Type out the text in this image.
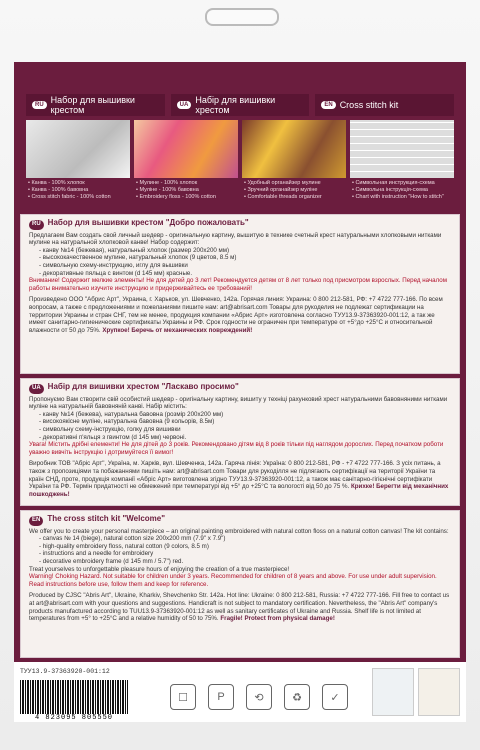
RU Набор для вышивки крестом	UA Набір для вишивки хрестом	EN Cross stitch kit
• Канва - 100% хлопок
• Канва - 100% бавовна
• Cross stitch fabric - 100% cotton
• Мулине - 100% хлопок
• Муліне - 100% бавовна
• Embroidery floss - 100% cotton
• Удобный органайзер мулине
• Зручний органайзер муліне
• Comfortable threads organizer
• Символьная инструкция-схема
• Символьна інструкція-схема
• Chart with instruction "How to stitch"
RU Набор для вышивки крестом "Добро пожаловать"

Предлагаем Вам создать свой личный шедевр - оригинальную картину, вышитую в технике счетный крест натуральными хлопковыми нитками мулине на натуральной хлопковой канве! Набор содержит:

- канву №14 (бежевая), натуральный хлопок (размер 200х200 мм)
- высококачественное мулине, натуральный хлопок (9 цветов, 8.5 м)
- символьную схему-инструкцию, иглу для вышивки
- декоративные пяльца с винтом (d 145 мм) красные.

Внимание! Содержит мелкие элементы! Не для детей до 3 лет! Рекомендуется детям от 8 лет только под присмотром взрослых. Перед началом работы внимательно изучите инструкцию и придерживайтесь ее требований!

Произведено ООО "Абрис Арт", Украина, г. Харьков, ул. Шевченко, 142а. Горячая линия: Украина: 0 800 212-581, РФ: +7 4722 777-166. По всем вопросам, а также с предложениями и пожеланиями пишите нам: art@abrisart.com Товары для рукоделия не подлежат сертификации на территории Украины и стран СНГ, тем не менее, продукция компании «Абрис Арт» изготовлена согласно ТУУ13.9-37363920-001:12, а так же имеет санитарно-гигиенические сертификаты Украины и РФ. Срок годности не ограничен при температуре от +5°до +25°С и относительной влажности от 50 до 75%. Хрупкое! Беречь от механических повреждений!

UA Набір для вишивки хрестом "Ласкаво просимо"

Пропонуємо Вам створити свій особистий шедевр - оригінальну картину, вишиту у техніці рахунковий хрест натуральними бавовняними нитками муліне на натуральній бавовняній канві. Набір містить:

- канву №14 (бежева), натуральна бавовна (розмір 200х200 мм)
- високоякісне муліне, натуральна бавовна (9 кольорів, 8.5м)
- символьну схему-інструкцію, голку для вишивки
- декоративні п'яльця з гвинтом (d 145 мм) червоні.

Увага! Містить дрібні елементи! Не для дітей до 3 років. Рекомендовано дітям від 8 років тільки під наглядом дорослих. Перед початком роботи уважно вивчіть інструкцію і дотримуйтеся її вимог!

Виробник ТОВ "Абріс Арт", Україна, м. Харків, вул. Шевченка, 142а. Гаряча лінія: Україна: 0 800 212-581, РФ - +7 4722 777-166. З усіх питань, а також з пропозиціями та побажаннями пишіть нам: art@abrisart.com Товари для рукоділля не підлягають сертифікації на території України та країн СНД, проте, продукція компанії «Абріс Арт» виготовлена згідно ТУУ13.9-37363920-001:12, а також має санітарно-гігієнічні сертифікати України та РФ. Термін придатності не обмежений при температурі від +5° до +25°С та вологості від 50 до 75 %. Крихке! Берегти від механічних пошкоджень!

EN The cross stitch kit "Welcome"

We offer you to create your personal masterpiece – an original painting embroidered with natural cotton floss on a natural cotton canvas! The kit contains:

- canvas № 14 (biege), natural cotton size 200x200 mm (7.9" x 7.9")
- high-quality embroidery floss, natural cotton (9 colors, 8.5 m)
- instructions and a needle for embroidery
- decorative embroidery frame (d 145 mm / 5.7") red.

Treat yourselves to unforgettable pleasure hours of enjoying the creation of a true masterpiece!

Warning! Choking Hazard. Not suitable for children under 3 years. Recommended for children of 8 years and above. For use under adult supervision. Read instructions before use, follow them and keep for reference.

Produced by CJSC "Abris Art", Ukraine, Kharkiv, Shevchenko Str. 142a. Hot line: Ukraine: 0 800 212-581, Russia: +7 4722 777-166. Fill free to contact us at art@abrisart.com with your questions and suggestions. Handicraft is not subject to mandatory certification. Nevertheless, the "Abris Art" company's products manufactured according to TUU13.9-37363920-001:12 as well as sanitary certificates of Ukraine and Russia. Shelf life is not limited at temperatures from +5° to +25°C and a relative humidity of 50 to 75%. Fragile! Protect from physical damage!

ТУУ13.9-37363920-001:12
4 823095 805550
☐	P	⟲	♻	✓
